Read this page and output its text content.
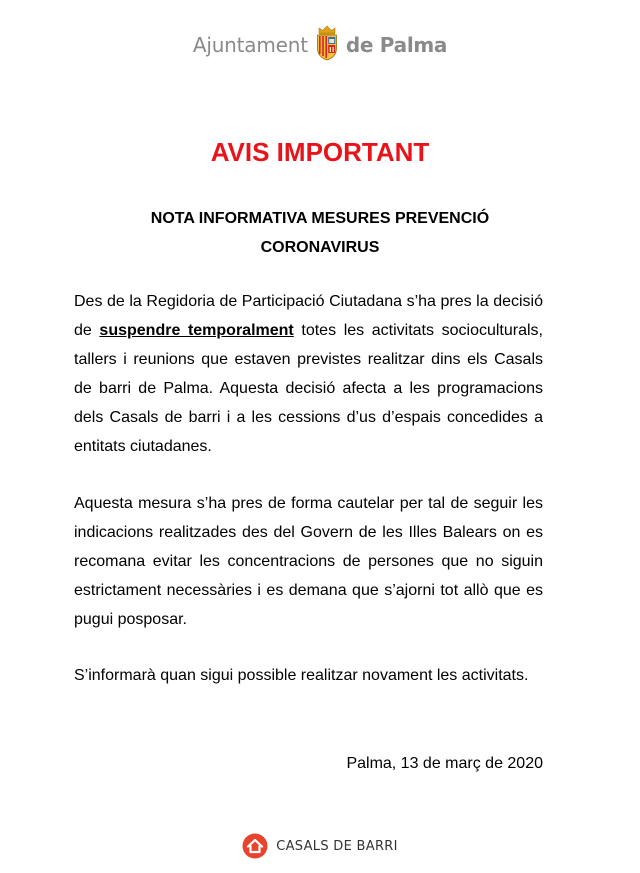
Ajuntament de Palma
AVIS IMPORTANT

NOTA INFORMATIVA MESURES PREVENCIÓ
CORONAVIRUS

Des de la Regidoria de Participació Ciutadana s’ha pres la decisió de suspendre temporalment totes les activitats socioculturals, tallers i reunions que estaven previstes realitzar dins els Casals de barri de Palma. Aquesta decisió afecta a les programacions dels Casals de barri i a les cessions d’us d’espais concedides a entitats ciutadanes.

Aquesta mesura s’ha pres de forma cautelar per tal de seguir les indicacions realitzades des del Govern de les Illes Balears on es recomana evitar les concentracions de persones que no siguin estrictament necessàries i es demana que s’ajorni tot allò que es pugui posposar.

S’informarà quan sigui possible realitzar novament les activitats.

Palma, 13 de març de 2020

CASALS DE BARRI
